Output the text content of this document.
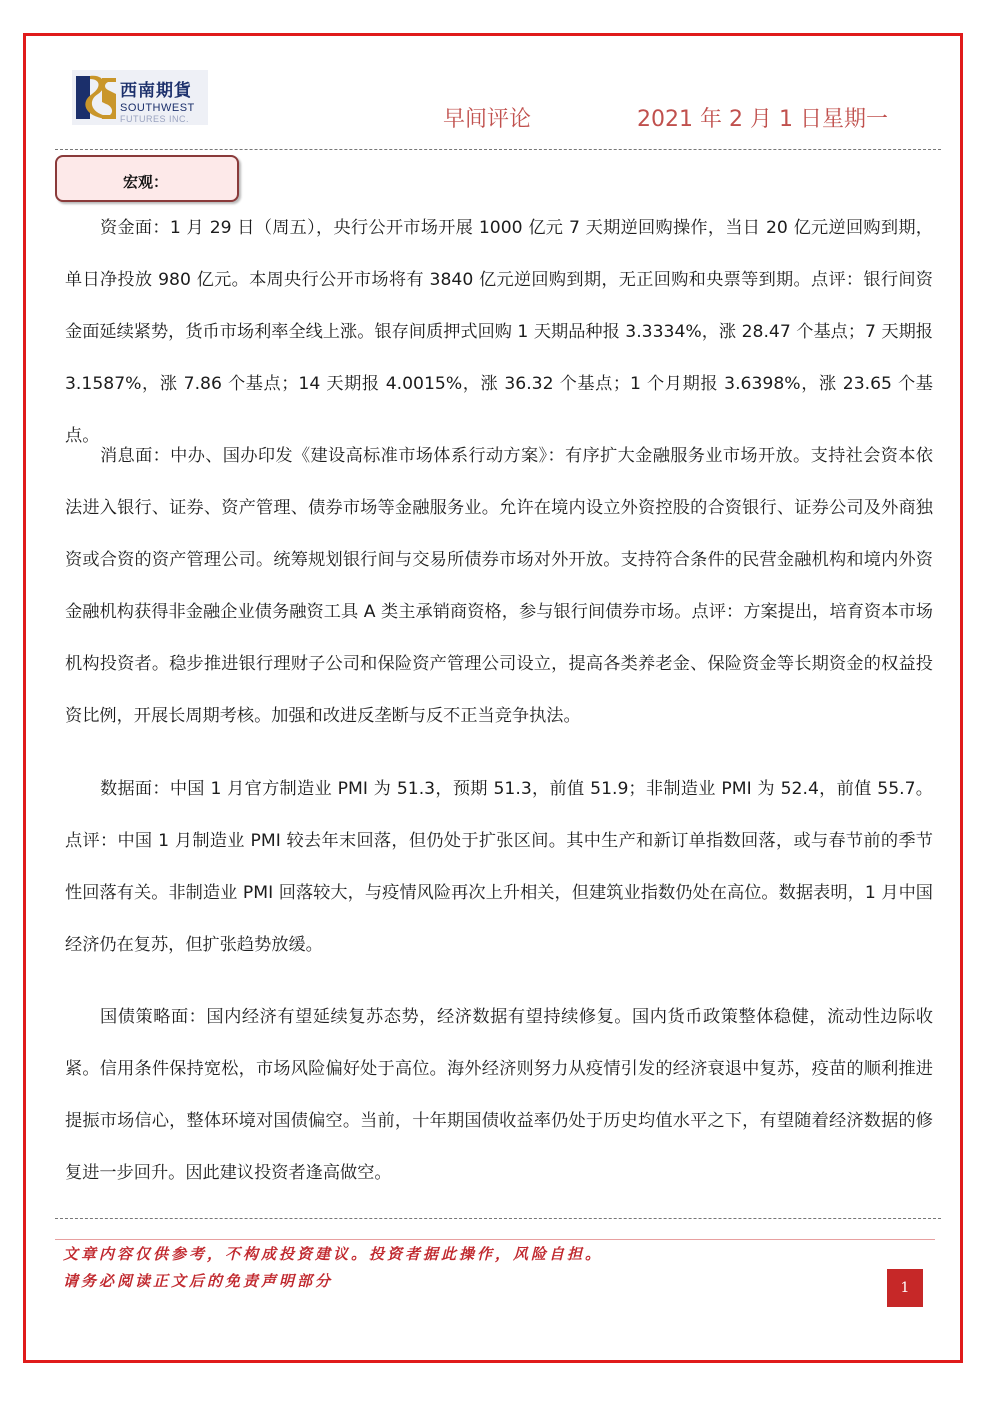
西南期貨
SOUTHWEST
FUTURES INC.	早间评论	2021 年 2 月 1 日星期一
宏观：

资金面：1 月 29 日（周五），央行公开市场开展 1000 亿元 7 天期逆回购操作，当日 20 亿元逆回购到期，单日净投放 980 亿元。本周央行公开市场将有 3840 亿元逆回购到期，无正回购和央票等到期。点评：银行间资金面延续紧势，货币市场利率全线上涨。银存间质押式回购 1 天期品种报 3.3334%，涨 28.47 个基点；7 天期报 3.1587%，涨 7.86 个基点；14 天期报 4.0015%，涨 36.32 个基点；1 个月期报 3.6398%，涨 23.65 个基点。

消息面：中办、国办印发《建设高标准市场体系行动方案》：有序扩大金融服务业市场开放。支持社会资本依法进入银行、证券、资产管理、债券市场等金融服务业。允许在境内设立外资控股的合资银行、证券公司及外商独资或合资的资产管理公司。统筹规划银行间与交易所债券市场对外开放。支持符合条件的民营金融机构和境内外资金融机构获得非金融企业债务融资工具 A 类主承销商资格，参与银行间债券市场。点评：方案提出，培育资本市场机构投资者。稳步推进银行理财子公司和保险资产管理公司设立，提高各类养老金、保险资金等长期资金的权益投资比例，开展长周期考核。加强和改进反垄断与反不正当竞争执法。

数据面：中国 1 月官方制造业 PMI 为 51.3，预期 51.3，前值 51.9；非制造业 PMI 为 52.4，前值 55.7。点评：中国 1 月制造业 PMI 较去年末回落，但仍处于扩张区间。其中生产和新订单指数回落，或与春节前的季节性回落有关。非制造业 PMI 回落较大，与疫情风险再次上升相关，但建筑业指数仍处在高位。数据表明，1 月中国经济仍在复苏，但扩张趋势放缓。

国债策略面：国内经济有望延续复苏态势，经济数据有望持续修复。国内货币政策整体稳健，流动性边际收紧。信用条件保持宽松，市场风险偏好处于高位。海外经济则努力从疫情引发的经济衰退中复苏，疫苗的顺利推进提振市场信心，整体环境对国债偏空。当前，十年期国债收益率仍处于历史均值水平之下，有望随着经济数据的修复进一步回升。因此建议投资者逢高做空。

文章内容仅供参考，不构成投资建议。投资者据此操作，风险自担。
请务必阅读正文后的免责声明部分	1
